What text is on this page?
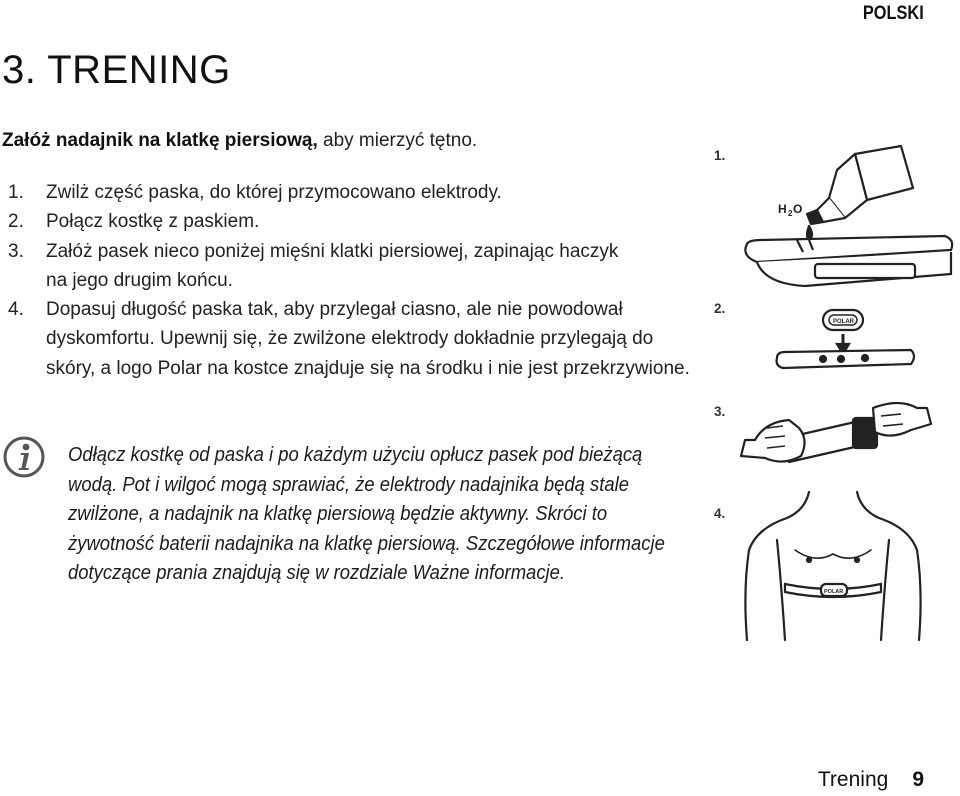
POLSKI
3. TRENING

Załóż nadajnik na klatkę piersiową, aby mierzyć tętno.

1. Zwilż część paska, do której przymocowano elektrody.
2. Połącz kostkę z paskiem.
3. Załóż pasek nieco poniżej mięśni klatki piersiowej, zapinając haczyk na jego drugim końcu.
4. Dopasuj długość paska tak, aby przylegał ciasno, ale nie powodował dyskomfortu. Upewnij się, że zwilżone elektrody dokładnie przylegają do skóry, a logo Polar na kostce znajduje się na środku i nie jest przekrzywione.

Odłącz kostkę od paska i po każdym użyciu opłucz pasek pod bieżącą wodą. Pot i wilgoć mogą sprawiać, że elektrody nadajnika będą stale zwilżone, a nadajnik na klatkę piersiową będzie aktywny. Skróci to żywotność baterii nadajnika na klatkę piersiową. Szczegółowe informacje dotyczące prania znajdują się w rozdziale Ważne informacje.

1.
2.
3.
4.
H 2 O
POLAR
POLAR
Trening 9
